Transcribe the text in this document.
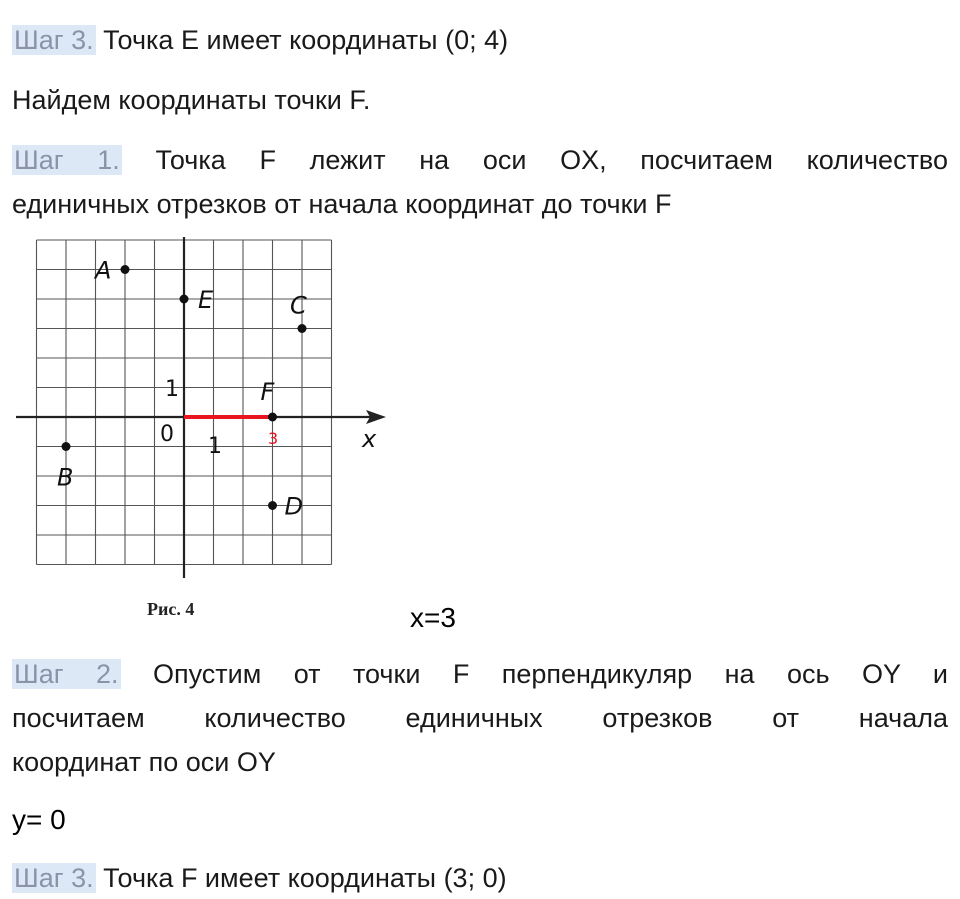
Шаг 3. Точка E имеет координаты (0; 4)
Найдем координаты точки F.
Шаг 1. Точка F лежит на оси OX, посчитаем количество
единичных отрезков от начала координат до точки F
A
E	C
F
B
D
0 1
1
x
3
Рис. 4	x=3
Шаг 2. Опустим от точки F перпендикуляр на ось OY и
посчитаем количество единичных отрезков от начала
координат по оси OY
y= 0
Шаг 3. Точка F имеет координаты (3; 0)
